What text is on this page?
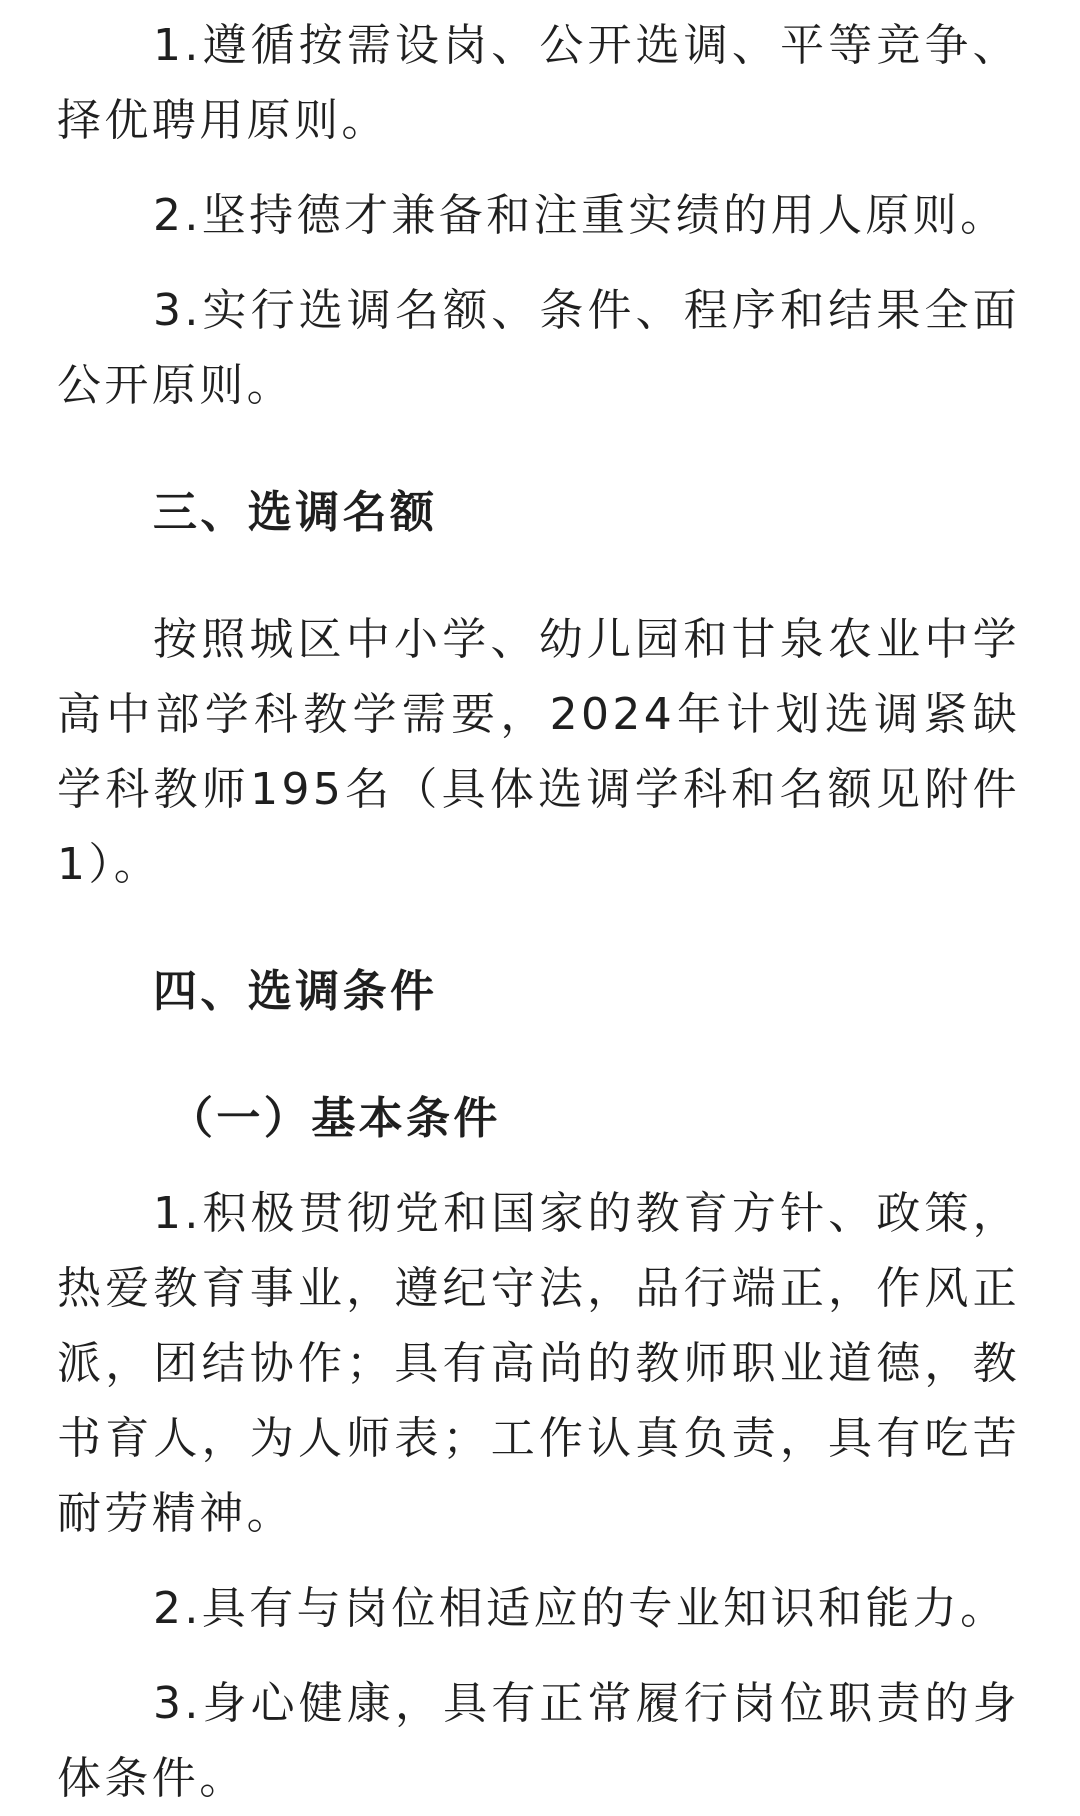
1.遵循按需设岗、公开选调、平等竞争、择优聘用原则。

2.坚持德才兼备和注重实绩的用人原则。

3.实行选调名额、条件、程序和结果全面公开原则。

三、选调名额

按照城区中小学、幼儿园和甘泉农业中学高中部学科教学需要，2024年计划选调紧缺学科教师195名（具体选调学科和名额见附件1）。

四、选调条件

（一）基本条件

1.积极贯彻党和国家的教育方针、政策，热爱教育事业，遵纪守法，品行端正，作风正派，团结协作；具有高尚的教师职业道德，教书育人，为人师表；工作认真负责，具有吃苦耐劳精神。

2.具有与岗位相适应的专业知识和能力。

3.身心健康，具有正常履行岗位职责的身体条件。
